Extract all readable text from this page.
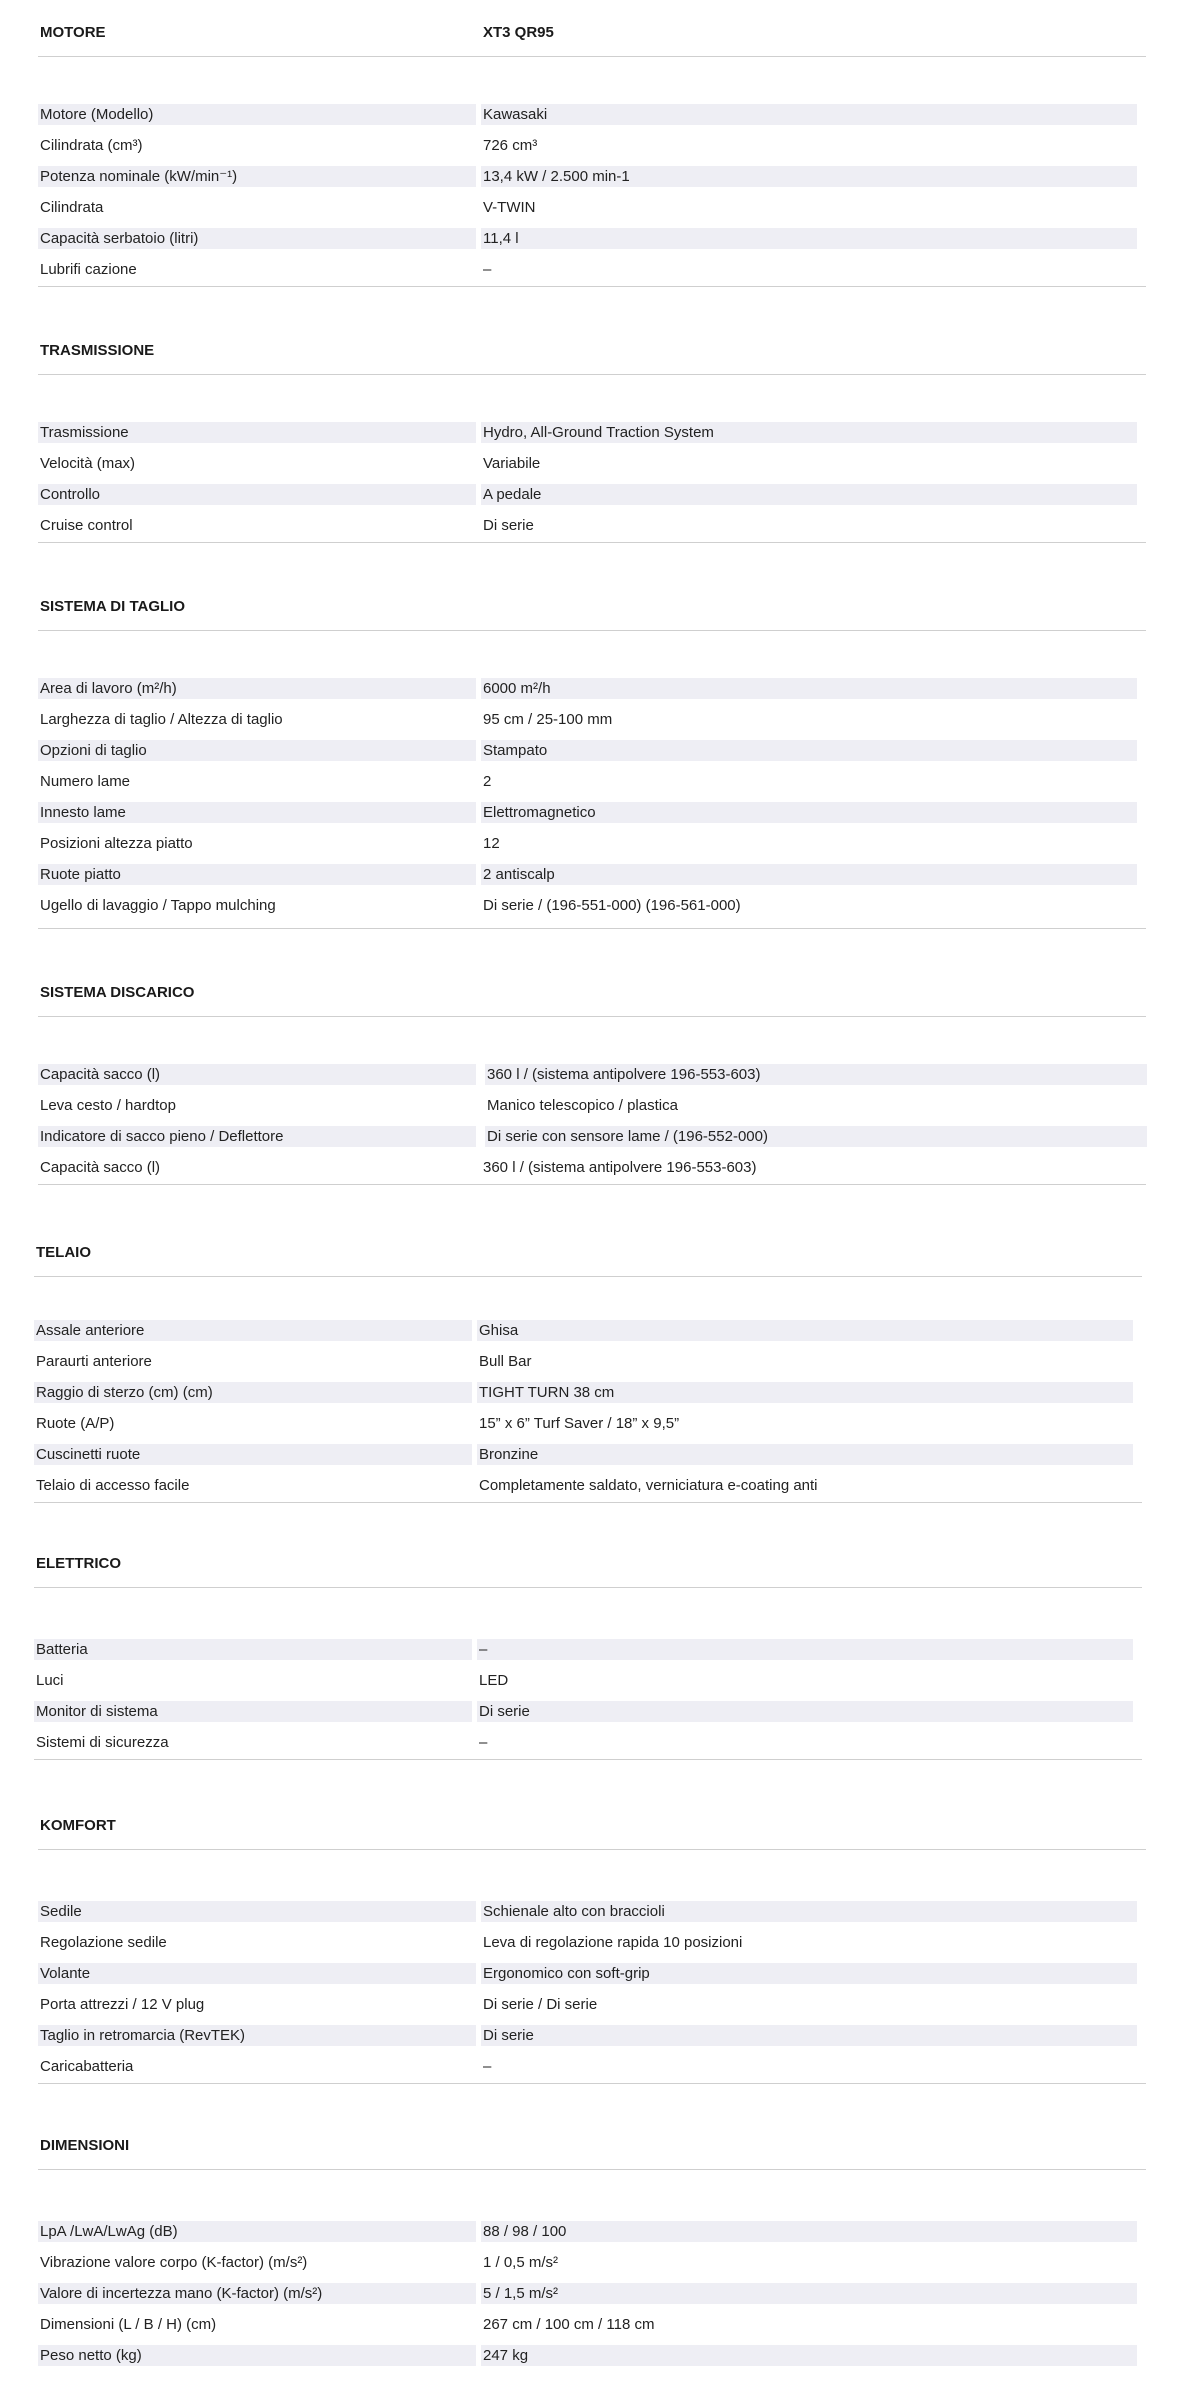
MOTORE	XT3 QR95
Motore (Modello)	Kawasaki
Cilindrata (cm³)	726 cm³
Potenza nominale (kW/min⁻¹)	13,4 kW / 2.500 min-1
Cilindrata	V-TWIN
Capacità serbatoio (litri)	11,4 l
Lubrifi cazione	–
TRASMISSIONE
Trasmissione	Hydro, All-Ground Traction System
Velocità (max)	Variabile
Controllo	A pedale
Cruise control	Di serie
SISTEMA DI TAGLIO
Area di lavoro (m²/h)	6000 m²/h
Larghezza di taglio / Altezza di taglio	95 cm / 25-100 mm
Opzioni di taglio	Stampato
Numero lame	2
Innesto lame	Elettromagnetico
Posizioni altezza piatto	12
Ruote piatto	2 antiscalp
Ugello di lavaggio / Tappo mulching	Di serie / (196-551-000) (196-561-000)
SISTEMA DISCARICO
Capacità sacco (l)	360 l / (sistema antipolvere 196-553-603)
Leva cesto / hardtop	Manico telescopico / plastica
Indicatore di sacco pieno / Deflettore	Di serie con sensore lame / (196-552-000)
Capacità sacco (l)	360 l / (sistema antipolvere 196-553-603)
TELAIO
Assale anteriore	Ghisa
Paraurti anteriore	Bull Bar
Raggio di sterzo (cm) (cm)	TIGHT TURN 38 cm
Ruote (A/P)	15” x 6” Turf Saver / 18” x 9,5”
Cuscinetti ruote	Bronzine
Telaio di accesso facile	Completamente saldato, verniciatura e-coating anti
ELETTRICO
Batteria	–
Luci	LED
Monitor di sistema	Di serie
Sistemi di sicurezza	–
KOMFORT
Sedile	Schienale alto con braccioli
Regolazione sedile	Leva di regolazione rapida 10 posizioni
Volante	Ergonomico con soft-grip
Porta attrezzi / 12 V plug	Di serie / Di serie
Taglio in retromarcia (RevTEK)	Di serie
Caricabatteria	–
DIMENSIONI
LpA /LwA/LwAg (dB)	88 / 98 / 100
Vibrazione valore corpo (K-factor) (m/s²)	1 / 0,5 m/s²
Valore di incertezza mano (K-factor) (m/s²)	5 / 1,5 m/s²
Dimensioni (L / B / H) (cm)	267 cm / 100 cm / 118 cm
Peso netto (kg)	247 kg
